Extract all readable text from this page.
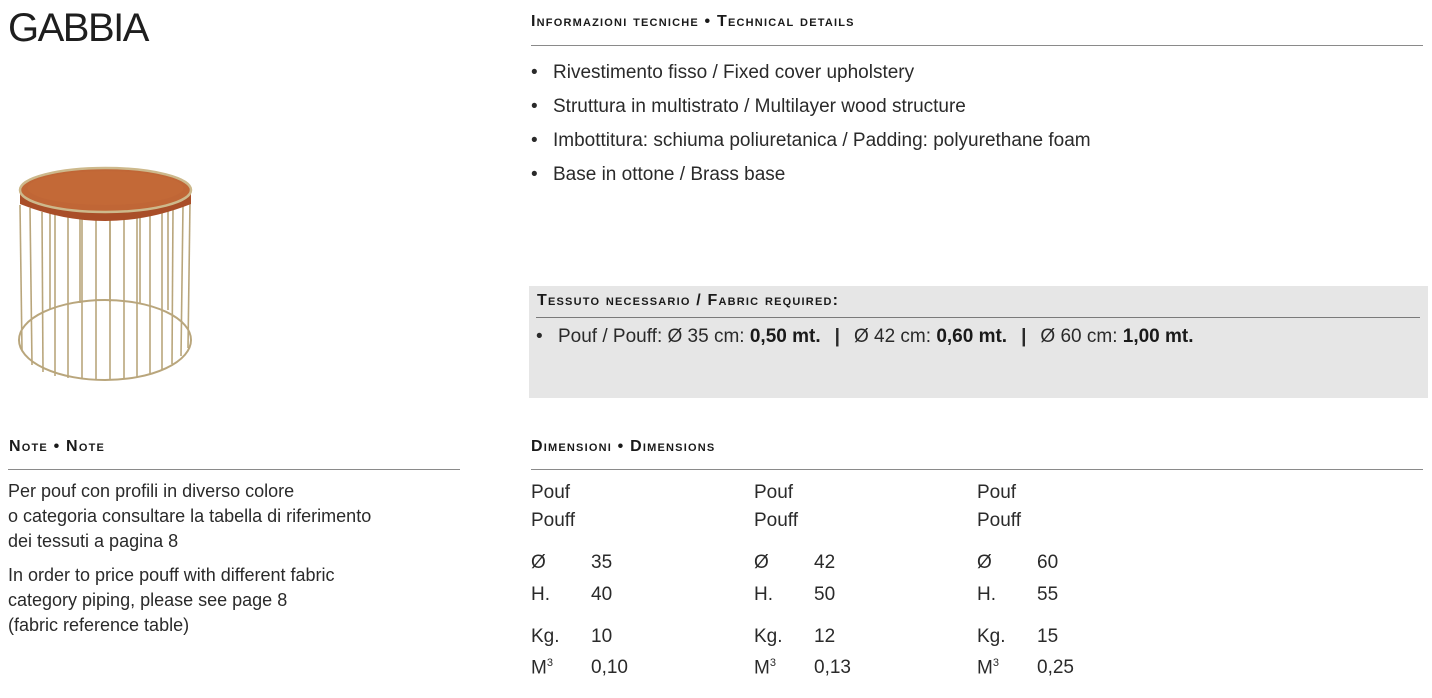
GABBIA	Informazioni tecniche • Technical details
• Rivestimento fisso / Fixed cover upholstery
• Struttura in multistrato / Multilayer wood structure
• Imbottitura: schiuma poliuretanica / Padding: polyurethane foam
• Base in ottone / Brass base
Tessuto necessario / Fabric required:
• Pouf / Pouff: Ø 35 cm: 0,50 mt. | Ø 42 cm: 0,60 mt. | Ø 60 cm: 1,00 mt.
Note • Note
Per pouf con profili in diverso colore
o categoria consultare la tabella di riferimento
dei tessuti a pagina 8
In order to price pouff with different fabric
category piping, please see page 8
(fabric reference table)
Dimensioni • Dimensions
Pouf
Pouff
Ø 35
H. 40
Kg. 10
$M^3$ 0,10
Pouf
Pouff
Ø 42
H. 50
Kg. 12
$M^3$ 0,13
Pouf
Pouff
Ø 60
H. 55
Kg. 15
$M^3$ 0,25
